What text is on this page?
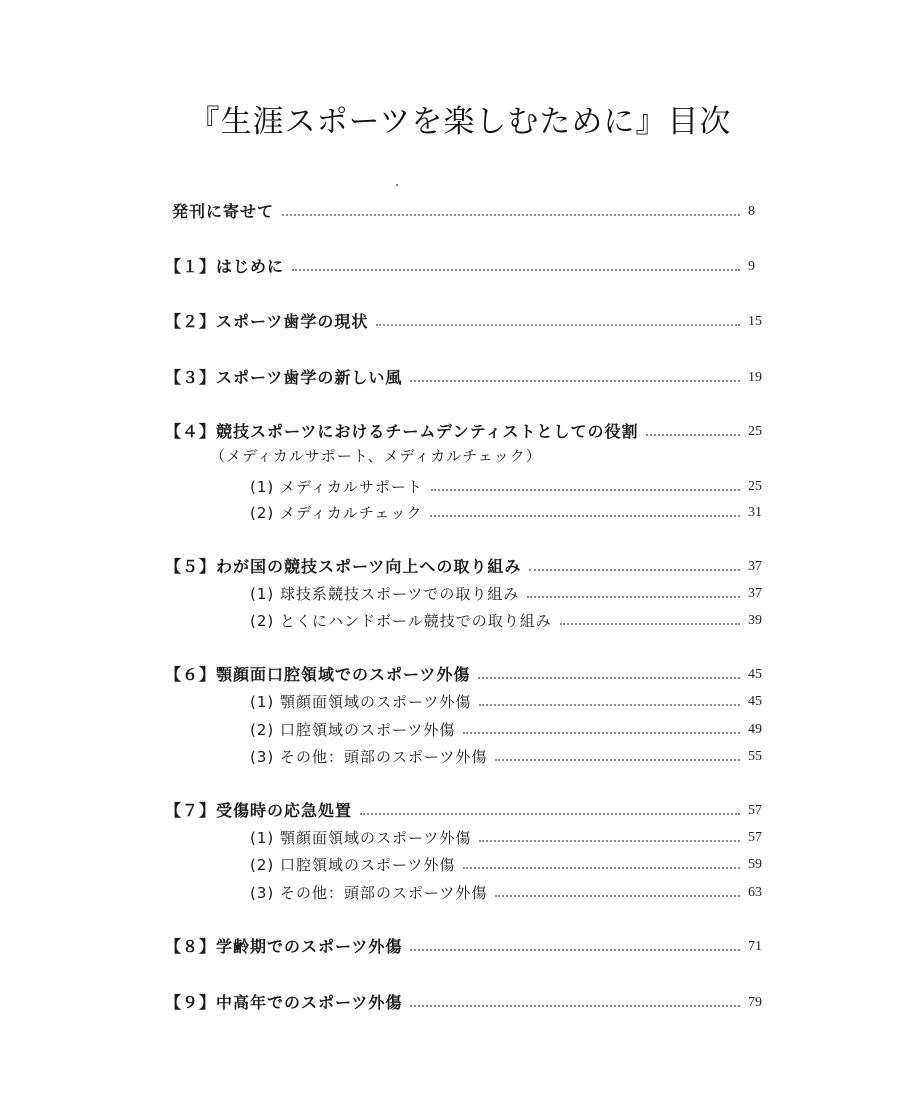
『生涯スポーツを楽しむために』目次
発刊に寄せて	8
【１】はじめに	9
【２】スポーツ歯学の現状	15
【３】スポーツ歯学の新しい風	19
【４】競技スポーツにおけるチームデンティストとしての役割	25
（メディカルサポート、メディカルチェック）
(1) メディカルサポート	25
(2) メディカルチェック	31
【５】わが国の競技スポーツ向上への取り組み	37
(1) 球技系競技スポーツでの取り組み	37
(2) とくにハンドボール競技での取り組み	39
【６】顎顔面口腔領域でのスポーツ外傷	45
(1) 顎顔面領域のスポーツ外傷	45
(2) 口腔領域のスポーツ外傷	49
(3) その他：頭部のスポーツ外傷	55
【７】受傷時の応急処置	57
(1) 顎顔面領域のスポーツ外傷	57
(2) 口腔領域のスポーツ外傷	59
(3) その他：頭部のスポーツ外傷	63
【８】学齢期でのスポーツ外傷	71
【９】中高年でのスポーツ外傷	79
